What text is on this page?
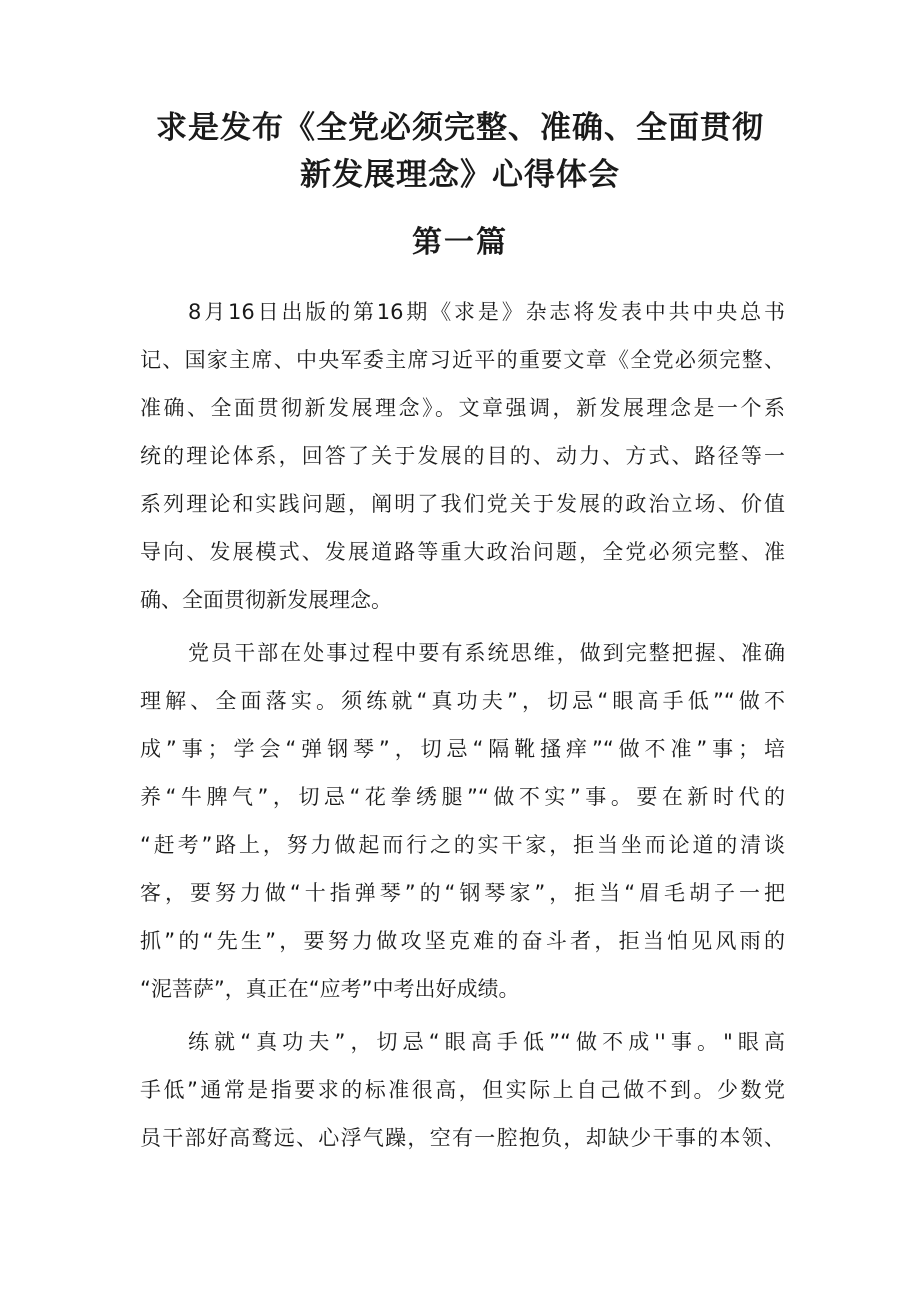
求是发布《全党必须完整、准确、全面贯彻
新发展理念》心得体会
第一篇

8月16日出版的第16期《求是》杂志将发表中共中央总书

记、国家主席、中央军委主席习近平的重要文章《全党必须完整、

准确、全面贯彻新发展理念》。文章强调，新发展理念是一个系

统的理论体系，回答了关于发展的目的、动力、方式、路径等一

系列理论和实践问题，阐明了我们党关于发展的政治立场、价值

导向、发展模式、发展道路等重大政治问题，全党必须完整、准

确、全面贯彻新发展理念。

党员干部在处事过程中要有系统思维，做到完整把握、准确

理解、全面落实。须练就“真功夫”，切忌“眼高手低”“做不

成”事；学会“弹钢琴”，切忌“隔靴搔痒”“做不准”事；培

养“牛脾气”，切忌“花拳绣腿”“做不实”事。要在新时代的

“赶考”路上，努力做起而行之的实干家，拒当坐而论道的清谈

客，要努力做“十指弹琴”的“钢琴家”，拒当“眉毛胡子一把

抓”的“先生”，要努力做攻坚克难的奋斗者，拒当怕见风雨的

“泥菩萨”，真正在“应考”中考出好成绩。

练就“真功夫”，切忌“眼高手低”“做不成''事。"眼高

手低”通常是指要求的标准很高，但实际上自己做不到。少数党

员干部好高鹜远、心浮气躁，空有一腔抱负，却缺少干事的本领、
